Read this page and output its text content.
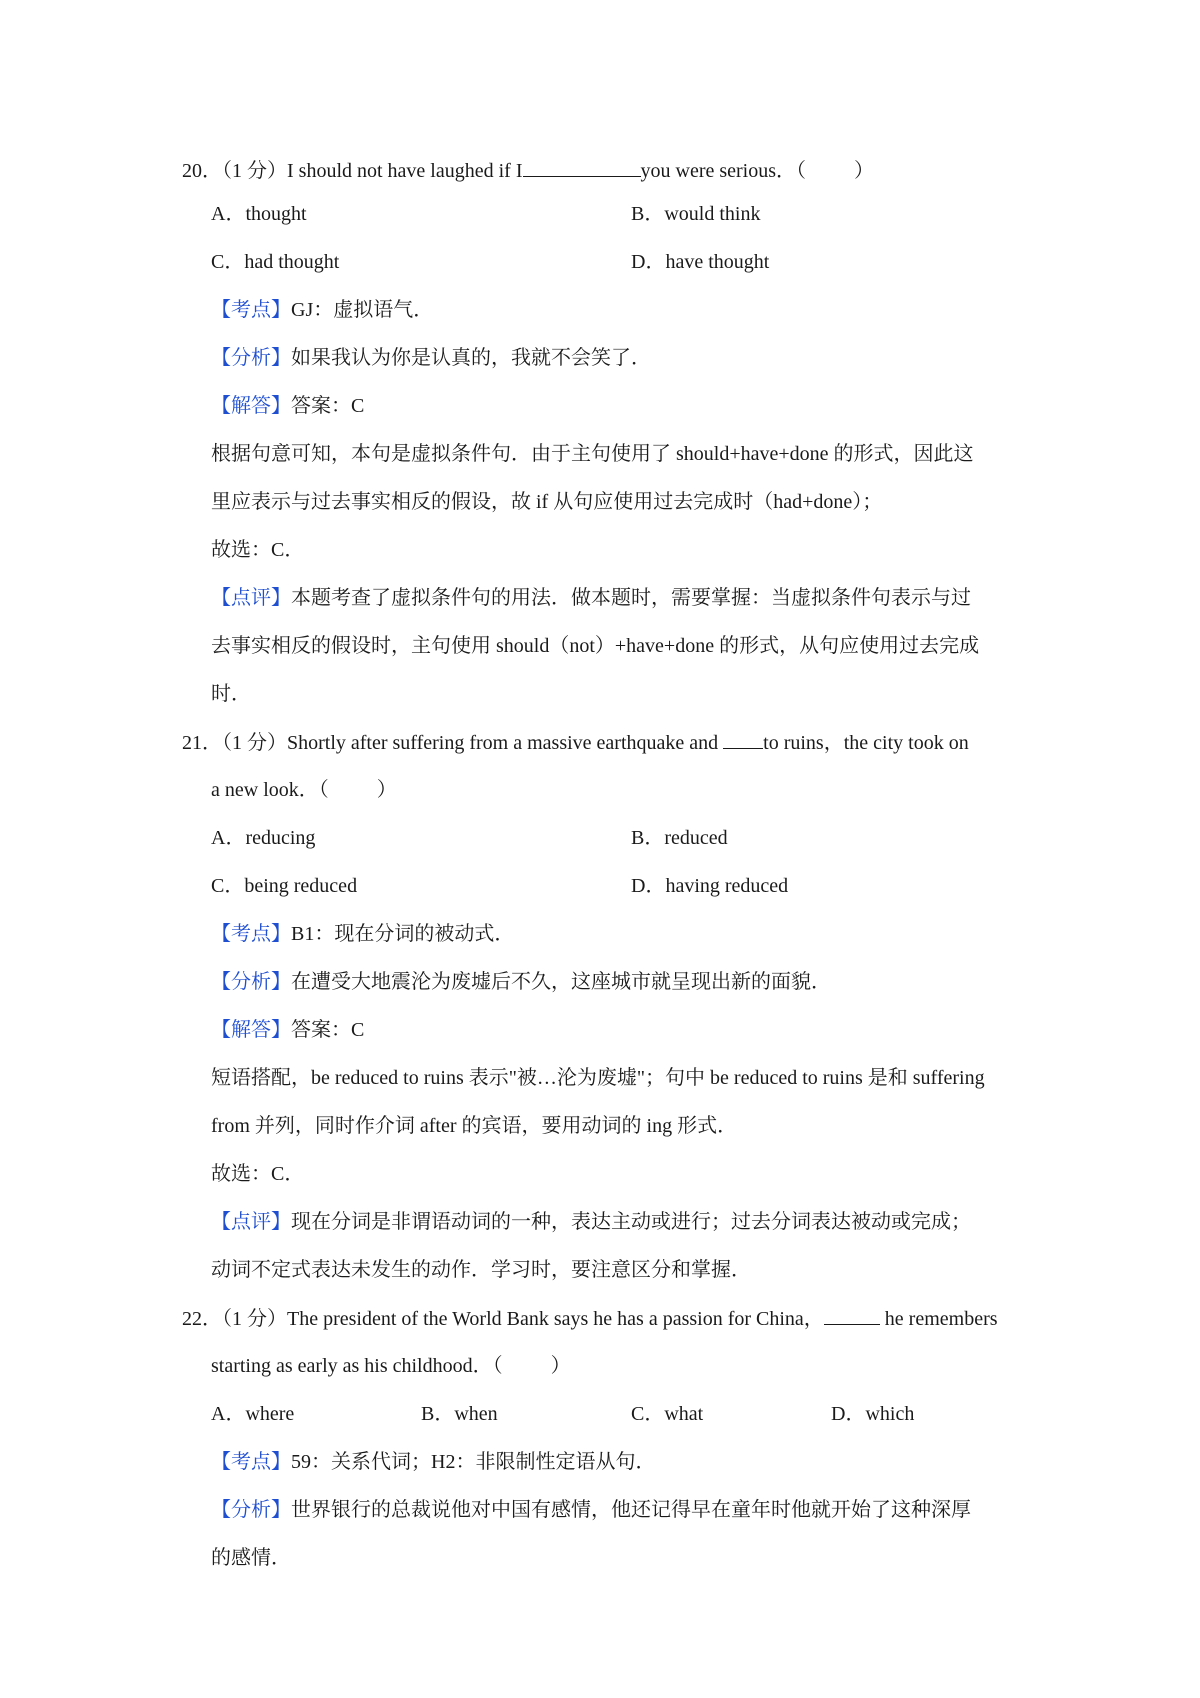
20．（1 分）I should not have laughed if I	you were serious．（ ）
A．thought	B．would think
C．had thought	D．have thought
【考点】GJ：虚拟语气．
【分析】如果我认为你是认真的，我就不会笑了．
【解答】答案：C
根据句意可知，本句是虚拟条件句．由于主句使用了 should+have+done 的形式，因此这
里应表示与过去事实相反的假设，故 if 从句应使用过去完成时（had+done）；
故选：C．
【点评】本题考查了虚拟条件句的用法．做本题时，需要掌握：当虚拟条件句表示与过
去事实相反的假设时，主句使用 should（not）+have+done 的形式，从句应使用过去完成
时．
21．（1 分）Shortly after suffering from a massive earthquake and to ruins，the city took on
a new look．（ ）
A．reducing	B．reduced
C．being reduced	D．having reduced
【考点】B1：现在分词的被动式．
【分析】在遭受大地震沦为废墟后不久，这座城市就呈现出新的面貌．
【解答】答案：C
短语搭配，be reduced to ruins 表示"被…沦为废墟"；句中 be reduced to ruins 是和 suffering
from 并列，同时作介词 after 的宾语，要用动词的 ing 形式．
故选：C．
【点评】现在分词是非谓语动词的一种，表达主动或进行；过去分词表达被动或完成；
动词不定式表达未发生的动作．学习时，要注意区分和掌握．
22．（1 分）The president of the World Bank says he has a passion for China，	he remembers
starting as early as his childhood．（ ）
A．where	B．when	C．what	D．which
【考点】59：关系代词；H2：非限制性定语从句．
【分析】世界银行的总裁说他对中国有感情，他还记得早在童年时他就开始了这种深厚
的感情．
